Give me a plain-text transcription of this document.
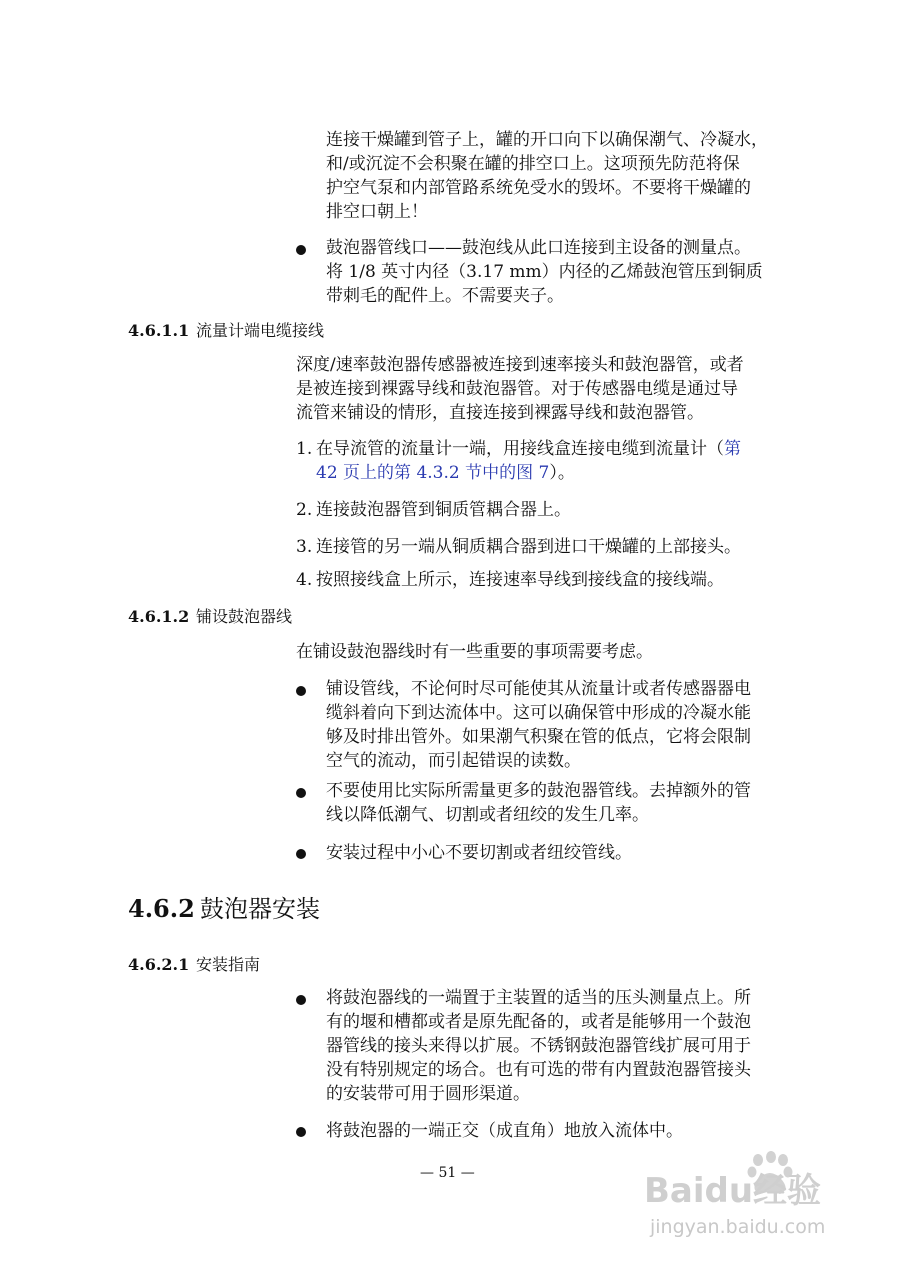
连接干燥罐到管子上，罐的开口向下以确保潮气、冷凝水，
和/或沉淀不会积聚在罐的排空口上。这项预先防范将保
护空气泵和内部管路系统免受水的毁坏。不要将干燥罐的
排空口朝上！
鼓泡器管线口——鼓泡线从此口连接到主设备的测量点。
将 1/8 英寸内径（3.17 mm）内径的乙烯鼓泡管压到铜质
带刺毛的配件上。不需要夹子。
4.6.1.1 流量计端电缆接线
深度/速率鼓泡器传感器被连接到速率接头和鼓泡器管，或者
是被连接到裸露导线和鼓泡器管。对于传感器电缆是通过导
流管来铺设的情形，直接连接到裸露导线和鼓泡器管。
1. 在导流管的流量计一端，用接线盒连接电缆到流量计（第
42 页上的第 4.3.2 节中的图 7）。
2. 连接鼓泡器管到铜质管耦合器上。
3. 连接管的另一端从铜质耦合器到进口干燥罐的上部接头。
4. 按照接线盒上所示，连接速率导线到接线盒的接线端。
4.6.1.2 铺设鼓泡器线
在铺设鼓泡器线时有一些重要的事项需要考虑。
铺设管线，不论何时尽可能使其从流量计或者传感器器电
缆斜着向下到达流体中。这可以确保管中形成的冷凝水能
够及时排出管外。如果潮气积聚在管的低点，它将会限制
空气的流动，而引起错误的读数。
不要使用比实际所需量更多的鼓泡器管线。去掉额外的管
线以降低潮气、切割或者纽绞的发生几率。
安装过程中小心不要切割或者纽绞管线。
4.6.2 鼓泡器安装
4.6.2.1 安装指南
将鼓泡器线的一端置于主装置的适当的压头测量点上。所
有的堰和槽都或者是原先配备的，或者是能够用一个鼓泡
器管线的接头来得以扩展。不锈钢鼓泡器管线扩展可用于
没有特别规定的场合。也有可选的带有内置鼓泡器管接头
的安装带可用于圆形渠道。
将鼓泡器的一端正交（成直角）地放入流体中。
— 51 —	Baidu经验
jingyan.baidu.com
